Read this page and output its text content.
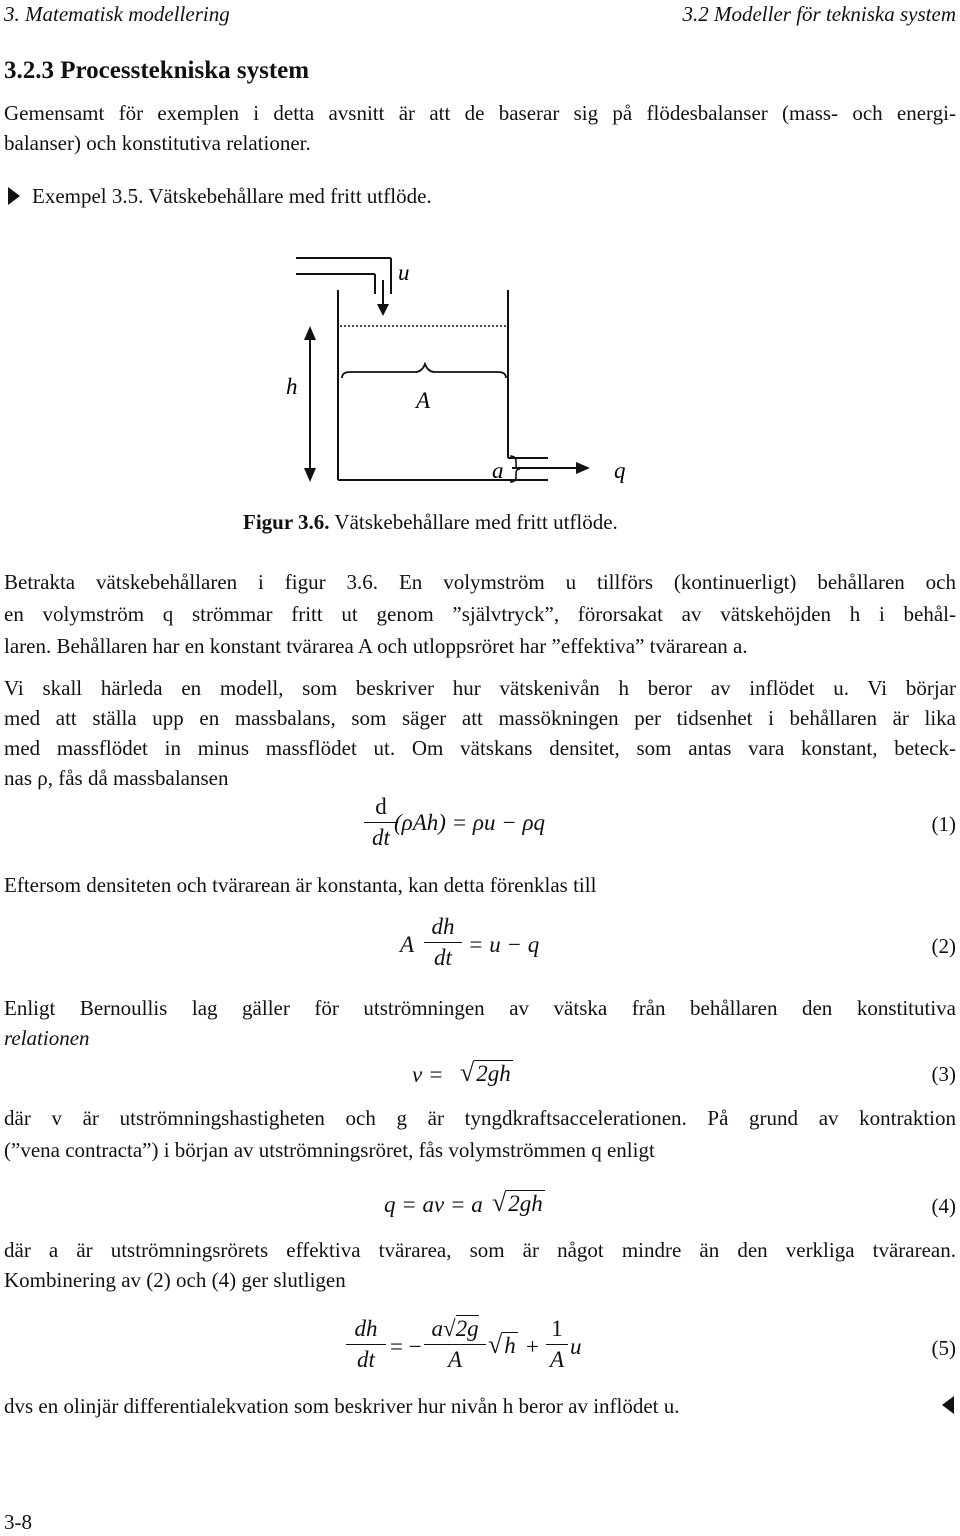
3. Matematisk modellering	3.2 Modeller för tekniska system
3.2.3 Processtekniska system
Gemensamt för exemplen i detta avsnitt är att de baserar sig på flödesbalanser (mass- och energi-
balanser) och konstitutiva relationer.
Exempel 3.5. Vätskebehållare med fritt utflöde.
u
h
A
a	q
Figur 3.6. Vätskebehållare med fritt utflöde.
Betrakta vätskebehållaren i figur 3.6. En volymström u tillförs (kontinuerligt) behållaren och
en volymström q strömmar fritt ut genom ”självtryck”, förorsakat av vätskehöjden h i behål-
laren. Behållaren har en konstant tvärarea A och utloppsröret har ”effektiva” tvärarean a.
Vi skall härleda en modell, som beskriver hur vätskenivån h beror av inflödet u. Vi börjar
med att ställa upp en massbalans, som säger att massökningen per tidsenhet i behållaren är lika
med massflödet in minus massflödet ut. Om vätskans densitet, som antas vara konstant, beteck-
nas ρ, fås då massbalansen
d
dt
(ρAh) = ρu − ρq	(1)
Eftersom densiteten och tvärarean är konstanta, kan detta förenklas till
A
dh
dt
= u − q	(2)
Enligt Bernoullis lag gäller för utströmningen av vätska från behållaren den konstitutiva
relationen
v = √2gh	(3)
där v är utströmningshastigheten och g är tyngdkraftsaccelerationen. På grund av kontraktion
(”vena contracta”) i början av utströmningsröret, fås volymströmmen q enligt
q = av = a √2gh	(4)
där a är utströmningsrörets effektiva tvärarea, som är något mindre än den verkliga tvärarean.
Kombinering av (2) och (4) ger slutligen
dh
dt
= −
a√2g
A
√h +
1
A
u	(5)
dvs en olinjär differentialekvation som beskriver hur nivån h beror av inflödet u.
3-8
